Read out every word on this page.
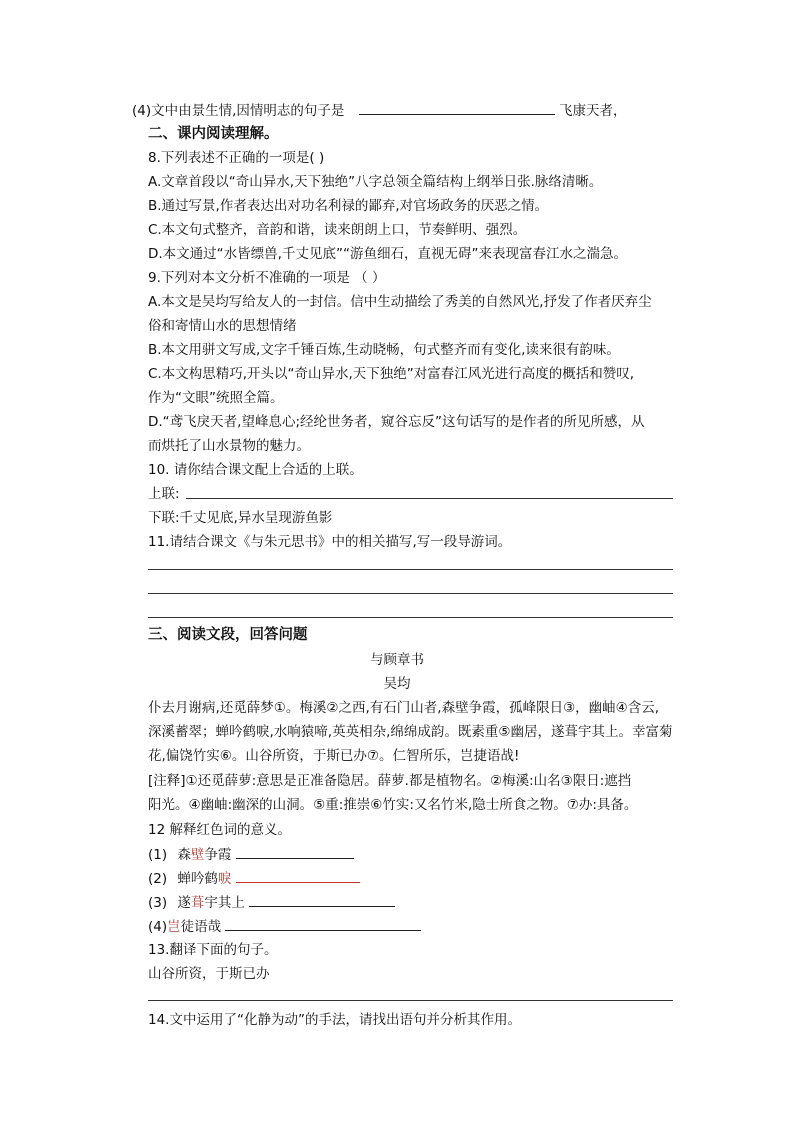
(4)文中由景生情,因情明志的句子是	飞康天者，
二、课内阅读理解。
8.下列表述不正确的一项是( )
A.文章首段以“奇山异水,天下独绝”八字总领全篇结构上纲举日张.脉络清晰。
B.通过写景,作者表达出对功名利禄的鄙弃,对官场政务的厌恶之情。
C.本文句式整齐，音韵和谐，读来朗朗上口，节奏鲜明、强烈。
D.本文通过“水皆缥兽,千丈见底”“游鱼细石，直视无碍”来表现富春江水之湍急。
9.下列对本文分析不准确的一项是 （ ）
A.本文是吴均写给友人的一封信。信中生动描绘了秀美的自然风光,抒发了作者厌弃尘
俗和寄情山水的思想情绪
B.本文用骈文写成,文字千锤百炼,生动晓畅，句式整齐而有变化,读来很有韵味。
C.本文构思精巧,开头以“奇山异水,天下独绝”对富春江风光进行高度的概括和赞叹,
作为“文眼”统照全篇。
D.“鸢飞戾天者,望峰息心;经纶世务者，窥谷忘反”这句话写的是作者的所见所感，从
而烘托了山水景物的魅力。
10. 请你结合课文配上合适的上联。
上联:
下联:千丈见底,异水呈现游鱼影
11.请结合课文《与朱元思书》中的相关描写,写一段导游词。
三、阅读文段，回答问题
与顾章书
吴均
仆去月谢病,还觅薛梦①。梅溪②之西,有石门山者,森壁争霞，孤峰限日③，幽岫④含云,
深溪蓄翠；蝉吟鹤唳,水响猿啼,英英相杂,绵绵成韵。既素重⑤幽居，遂葺宇其上。幸富菊
花,偏饶竹实⑥。山谷所资，于斯已办⑦。仁智所乐，岂捷语战!
[注释]①还觅薛萝:意思是正准备隐居。薛萝.都是植物名。②梅溪:山名③限日:遮挡
阳光。④幽岫:幽深的山洞。⑤重:推崇⑥竹实:又名竹米,隐士所食之物。⑦办:具备。
12 解释红色词的意义。
(1) 森壁争霞
(2) 蝉吟鹤唳
(3) 遂葺宇其上
(4)岂徒语哉
13.翻译下面的句子。
山谷所资，于斯已办
14.文中运用了“化静为动”的手法，请找出语句并分析其作用。
